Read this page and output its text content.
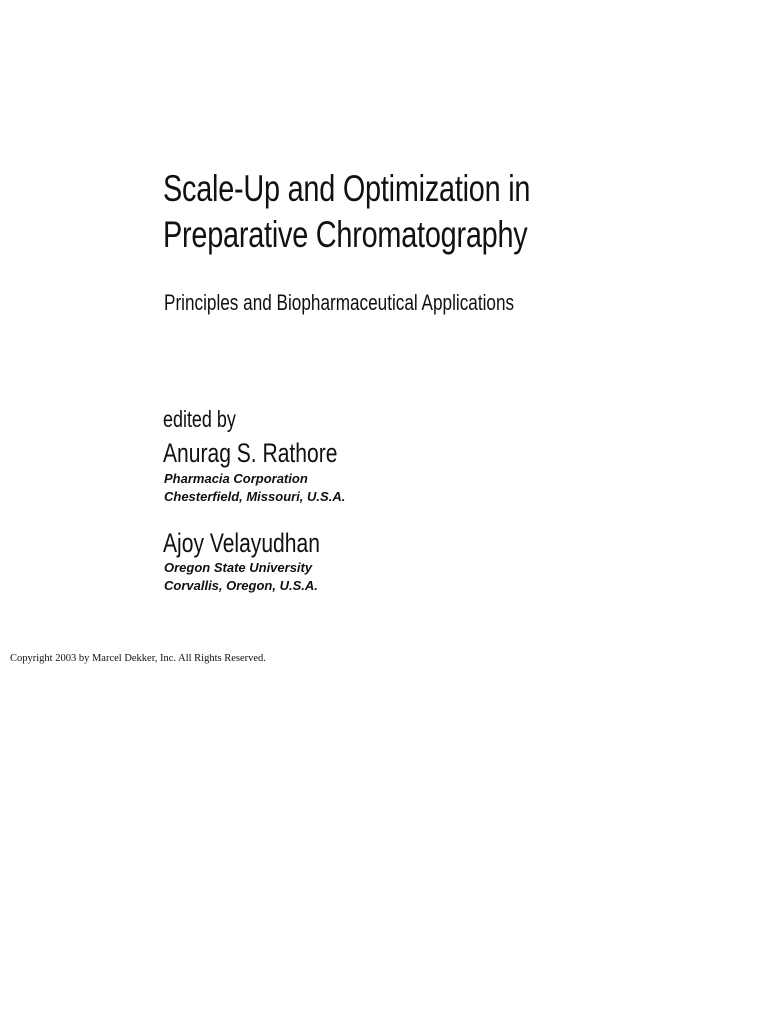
Scale-Up and Optimization in
Preparative Chromatography
Principles and Biopharmaceutical Applications
edited by
Anurag S. Rathore
Pharmacia Corporation
Chesterfield, Missouri, U.S.A.
Ajoy Velayudhan
Oregon State University
Corvallis, Oregon, U.S.A.
Copyright 2003 by Marcel Dekker, Inc. All Rights Reserved.
